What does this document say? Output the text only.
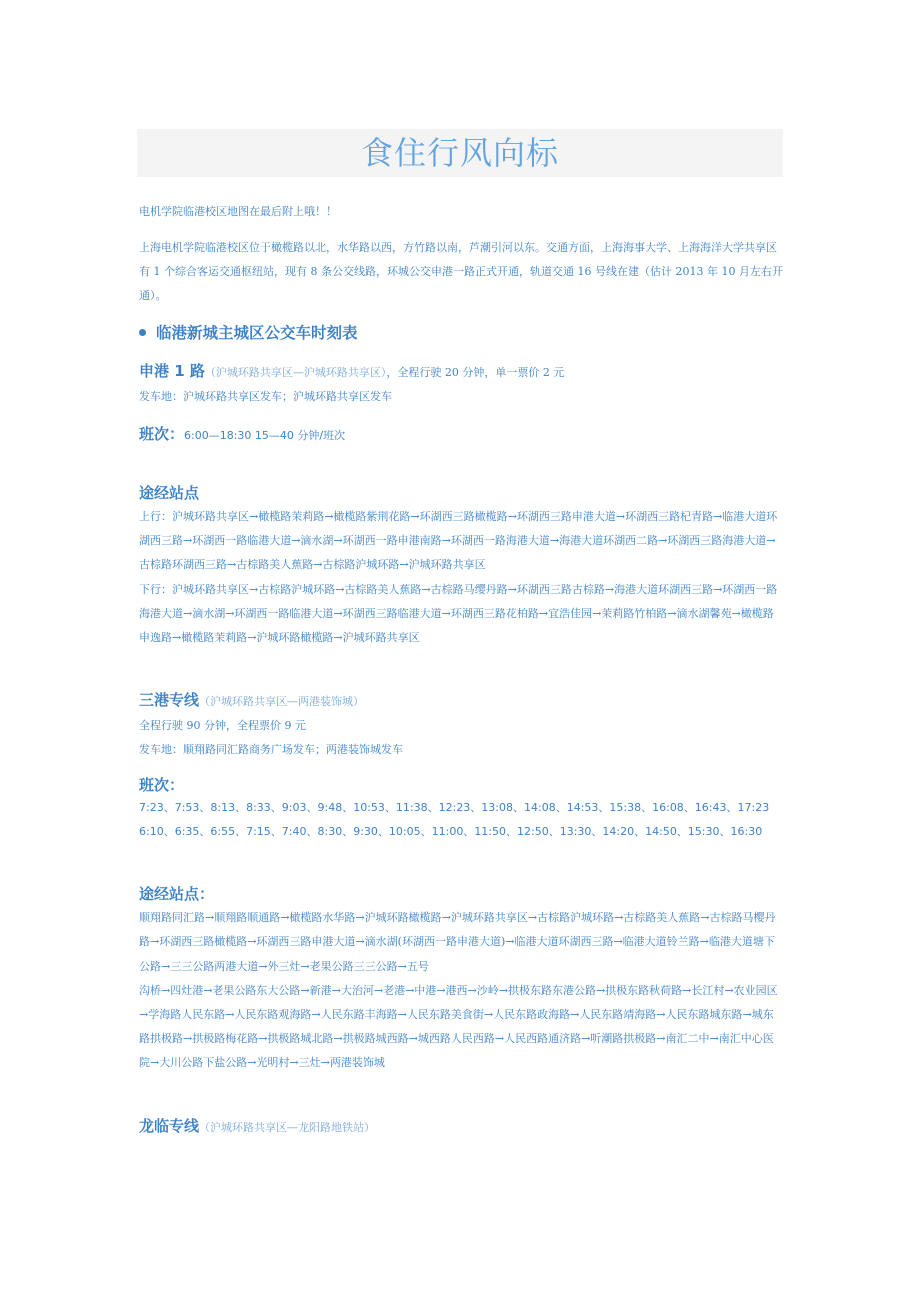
食住行风向标
电机学院临港校区地图在最后附上哦！！
上海电机学院临港校区位于橄榄路以北，水华路以西，方竹路以南，芦潮引河以东。交通方面，上海海事大学、上海海洋大学共享区有 1 个综合客运交通枢纽站，现有 8 条公交线路，环城公交申港一路正式开通，轨道交通 16 号线在建（估计 2013 年 10 月左右开通）。
临港新城主城区公交车时刻表
申港 1 路（沪城环路共享区—沪城环路共享区），全程行驶 20 分钟，单一票价 2 元
发车地：沪城环路共享区发车；沪城环路共享区发车
班次：6:00—18:30 15—40 分钟/班次
途经站点
上行：沪城环路共享区→橄榄路茉莉路→橄榄路紫荆花路→环湖西三路橄榄路→环湖西三路申港大道→环湖西三路杞青路→临港大道环湖西三路→环湖西一路临港大道→滴水湖→环湖西一路申港南路→环湖西一路海港大道→海港大道环湖西二路→环湖西三路海港大道→古棕路环湖西三路→古棕路美人蕉路→古棕路沪城环路→沪城环路共享区
下行：沪城环路共享区→古棕路沪城环路→古棕路美人蕉路→古棕路马缨丹路→环湖西三路古棕路→海港大道环湖西三路→环湖西一路海港大道→滴水湖→环湖西一路临港大道→环湖西三路临港大道→环湖西三路花柏路→宜浩佳园→茉莉路竹柏路→滴水湖馨苑→橄榄路申逸路→橄榄路茉莉路→沪城环路橄榄路→沪城环路共享区
三港专线（沪城环路共享区—两港装饰城）
全程行驶 90 分钟，全程票价 9 元
发车地：顺翔路同汇路商务广场发车；两港装饰城发车
班次：
7:23、7:53、8:13、8:33、9:03、9:48、10:53、11:38、12:23、13:08、14:08、14:53、15:38、16:08、16:43、17:23
6:10、6:35、6:55、7:15、7:40、8:30、9:30、10:05、11:00、11:50、12:50、13:30、14:20、14:50、15:30、16:30
途经站点：
顺翔路同汇路→顺翔路顺通路→橄榄路水华路→沪城环路橄榄路→沪城环路共享区→古棕路沪城环路→古棕路美人蕉路→古棕路马樱丹路→环湖西三路橄榄路→环湖西三路申港大道→滴水湖(环湖西一路申港大道)→临港大道环湖西三路→临港大道铃兰路→临港大道塘下公路→三三公路两港大道→外三灶→老果公路三三公路→五号
沟桥→四灶港→老果公路东大公路→新港→大治河→老港→中港→港西→沙岭→拱极东路东港公路→拱极东路秋荷路→长江村→农业园区→学海路人民东路→人民东路观海路→人民东路丰海路→人民东路美食街→人民东路政海路→人民东路靖海路→人民东路城东路→城东路拱极路→拱极路梅花路→拱极路城北路→拱极路城西路→城西路人民西路→人民西路通济路→听潮路拱极路→南汇二中→南汇中心医院→大川公路下盐公路→光明村→三灶→两港装饰城
龙临专线（沪城环路共享区—龙阳路地铁站）
